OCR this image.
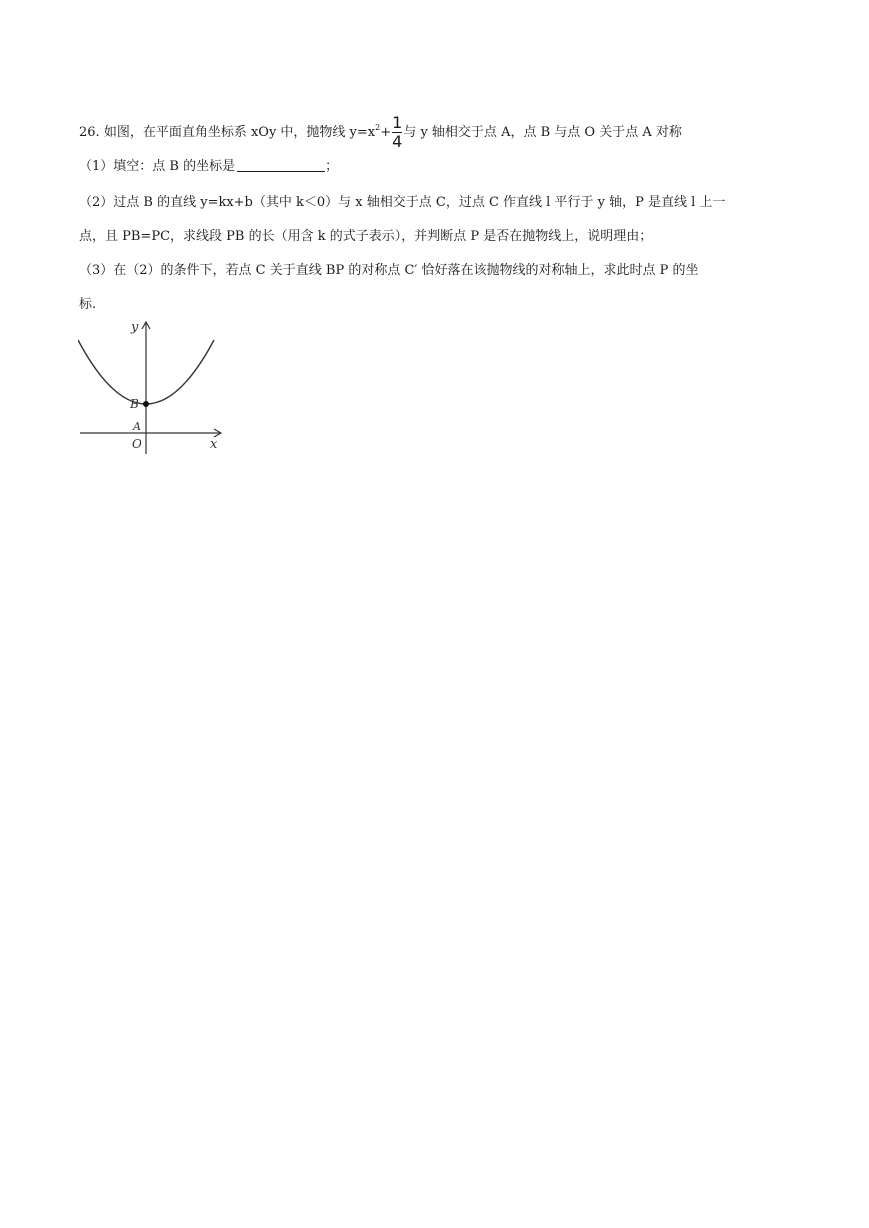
26. 如图，在平面直角坐标系 xOy 中，抛物线 $y=x^2+ \frac{1}{4}$ 与 y 轴相交于点 A，点 B 与点 O 关于点 A 对称
（1）填空：点 B 的坐标是	；
（2）过点 B 的直线 y=kx+b（其中 k＜0）与 x 轴相交于点 C，过点 C 作直线 l 平行于 y 轴，P 是直线 l 上一
点，且 PB=PC，求线段 PB 的长（用含 k 的式子表示），并判断点 P 是否在抛物线上，说明理由；
（3）在（2）的条件下，若点 C 关于直线 BP 的对称点 C′ 恰好落在该抛物线的对称轴上，求此时点 P 的坐
标.
y
x
B
A
O
